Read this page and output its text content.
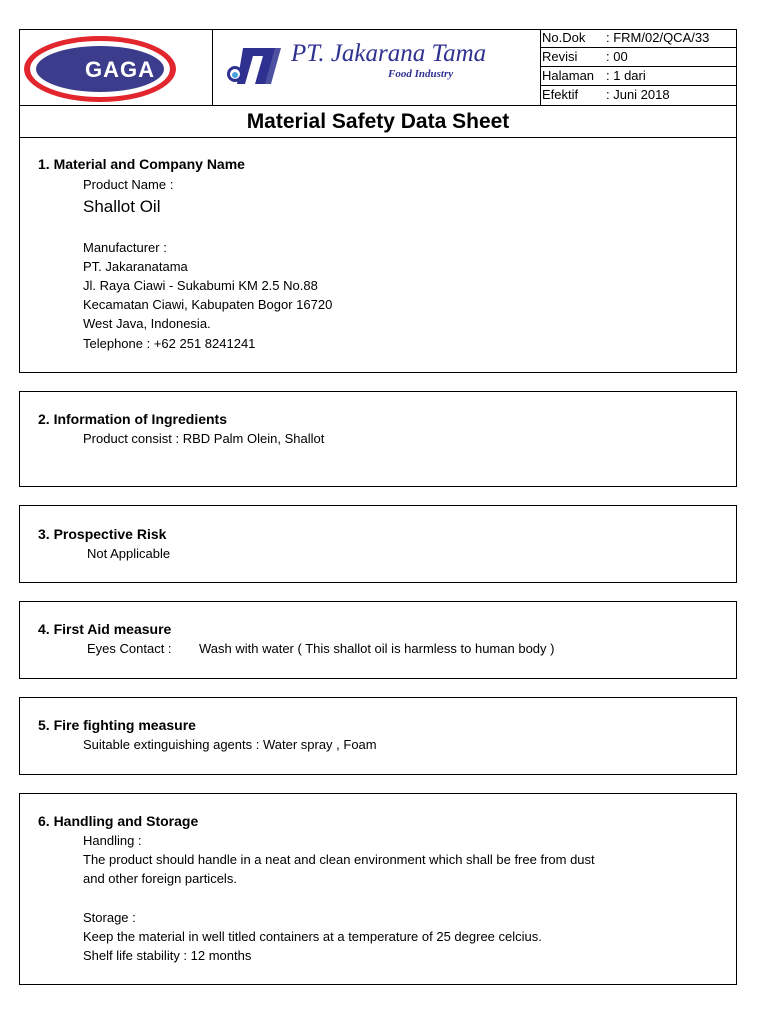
GAGA
PT. Jakarana Tama
Food Industry
No.Dok : FRM/02/QCA/33
Revisi : 00
Halaman : 1 dari
Efektif : Juni 2018
Material Safety Data Sheet
1. Material and Company Name
Product Name :
Shallot Oil
Manufacturer :
PT. Jakaranatama
Jl. Raya Ciawi - Sukabumi KM 2.5 No.88
Kecamatan Ciawi, Kabupaten Bogor 16720
West Java, Indonesia.
Telephone : +62 251 8241241
2. Information of Ingredients
Product consist : RBD Palm Olein, Shallot
3. Prospective Risk
Not Applicable
4. First Aid measure
Eyes Contact : Wash with water ( This shallot oil is harmless to human body )
5. Fire fighting measure
Suitable extinguishing agents : Water spray , Foam
6. Handling and Storage
Handling :
The product should handle in a neat and clean environment which shall be free from dust
and other foreign particels.
Storage :
Keep the material in well titled containers at a temperature of 25 degree celcius.
Shelf life stability : 12 months
